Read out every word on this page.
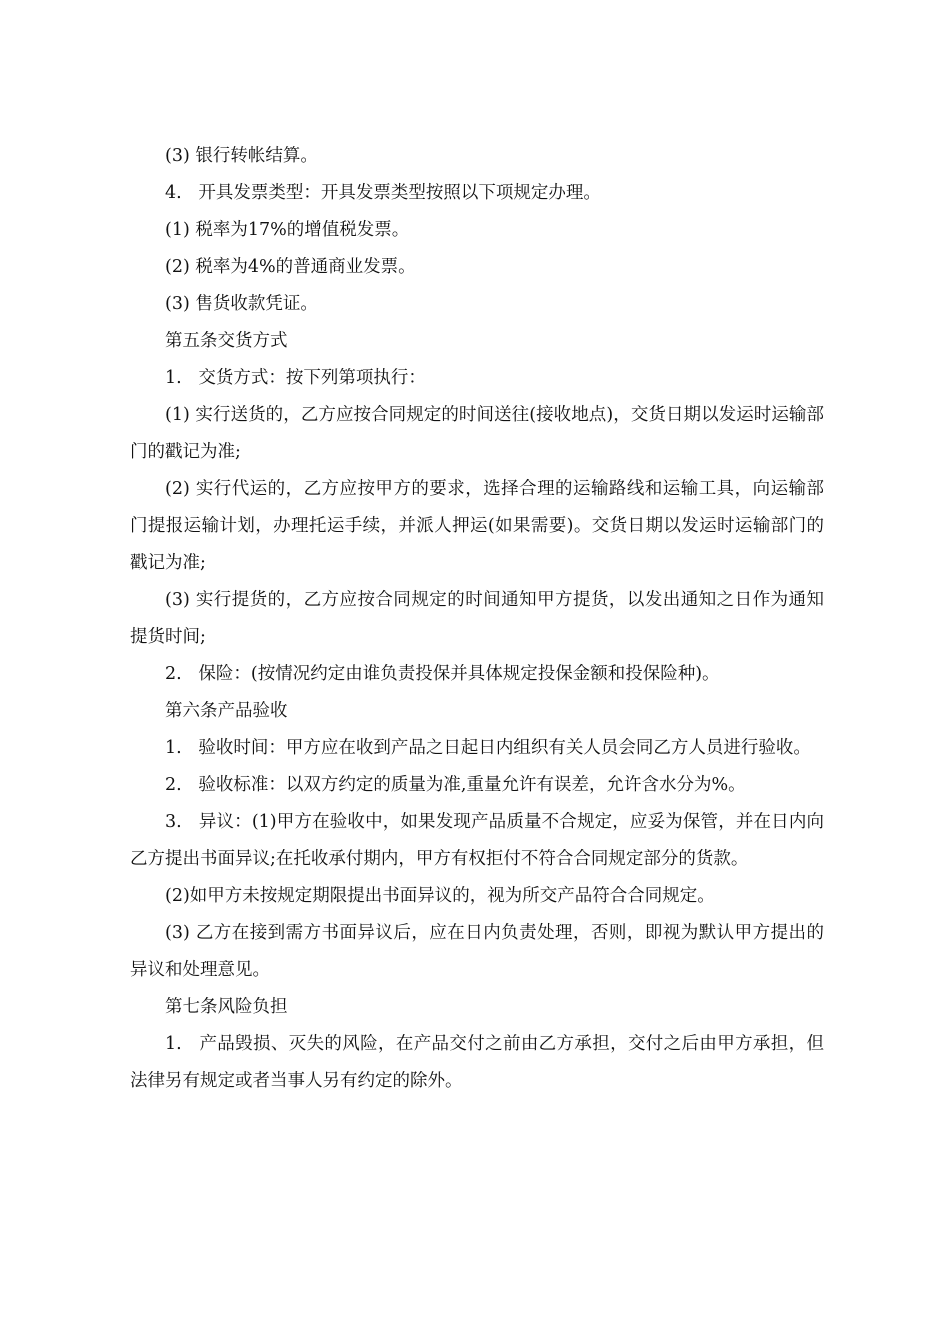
(3) 银行转帐结算。

4.   开具发票类型：开具发票类型按照以下项规定办理。

(1) 税率为17%的增值税发票。

(2) 税率为4%的普通商业发票。

(3) 售货收款凭证。

第五条交货方式

1.   交货方式：按下列第项执行：

(1) 实行送货的，乙方应按合同规定的时间送往(接收地点)，交货日期以发运时运输部门的戳记为准;

(2) 实行代运的，乙方应按甲方的要求，选择合理的运输路线和运输工具，向运输部门提报运输计划，办理托运手续，并派人押运(如果需要)。交货日期以发运时运输部门的戳记为准;

(3) 实行提货的，乙方应按合同规定的时间通知甲方提货，以发出通知之日作为通知提货时间;

2.   保险：(按情况约定由谁负责投保并具体规定投保金额和投保险种)。

第六条产品验收

1.   验收时间：甲方应在收到产品之日起日内组织有关人员会同乙方人员进行验收。

2.   验收标准：以双方约定的质量为准,重量允许有误差，允许含水分为%。

3.   异议：(1)甲方在验收中，如果发现产品质量不合规定，应妥为保管，并在日内向乙方提出书面异议;在托收承付期内，甲方有权拒付不符合合同规定部分的货款。

(2)如甲方未按规定期限提出书面异议的，视为所交产品符合合同规定。

(3) 乙方在接到需方书面异议后，应在日内负责处理，否则，即视为默认甲方提出的异议和处理意见。

第七条风险负担

1.   产品毁损、灭失的风险，在产品交付之前由乙方承担，交付之后由甲方承担，但法律另有规定或者当事人另有约定的除外。
